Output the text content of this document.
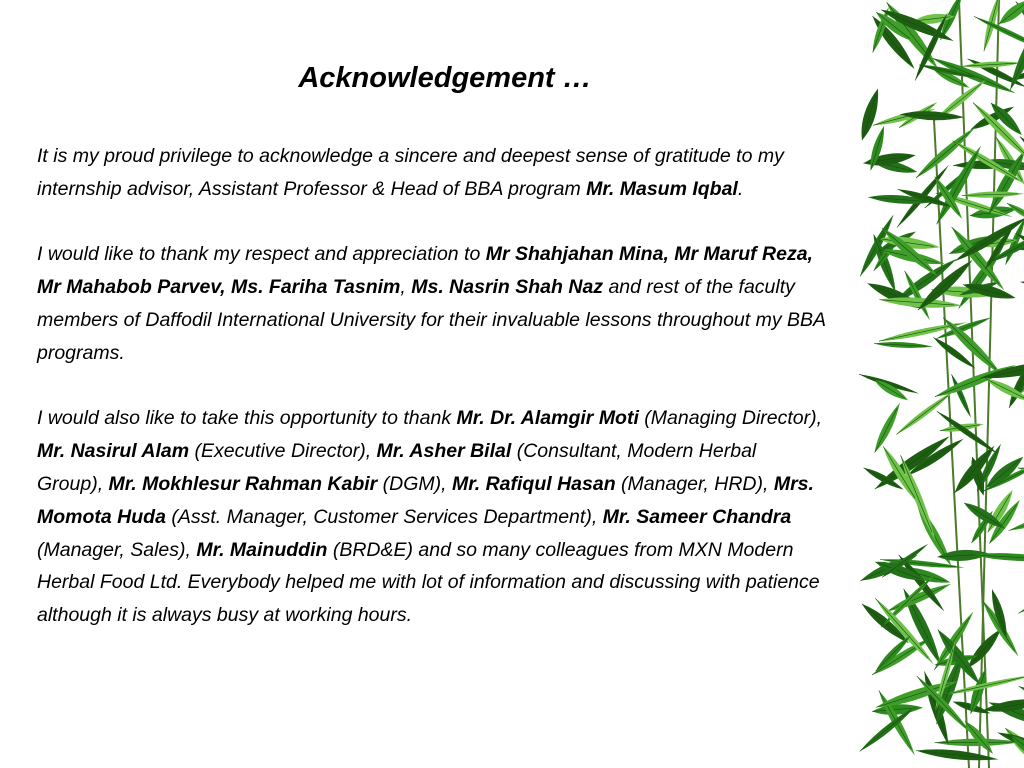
Acknowledgement …

It is my proud privilege to acknowledge a sincere and deepest sense of gratitude to my internship advisor, Assistant Professor & Head of BBA program Mr. Masum Iqbal.

I would like to thank my respect and appreciation to Mr Shahjahan Mina, Mr Maruf Reza, Mr Mahabob Parvev, Ms. Fariha Tasnim, Ms. Nasrin Shah Naz and rest of the faculty members of Daffodil International University for their invaluable lessons throughout my BBA programs.

I would also like to take this opportunity to thank Mr. Dr. Alamgir Moti (Managing Director), Mr. Nasirul Alam (Executive Director), Mr. Asher Bilal (Consultant, Modern Herbal Group), Mr. Mokhlesur Rahman Kabir (DGM), Mr. Rafiqul Hasan (Manager, HRD), Mrs. Momota Huda (Asst. Manager, Customer Services Department), Mr. Sameer Chandra (Manager, Sales), Mr. Mainuddin (BRD&E) and so many colleagues from MXN Modern Herbal Food Ltd. Everybody helped me with lot of information and discussing with patience although it is always busy at working hours.
